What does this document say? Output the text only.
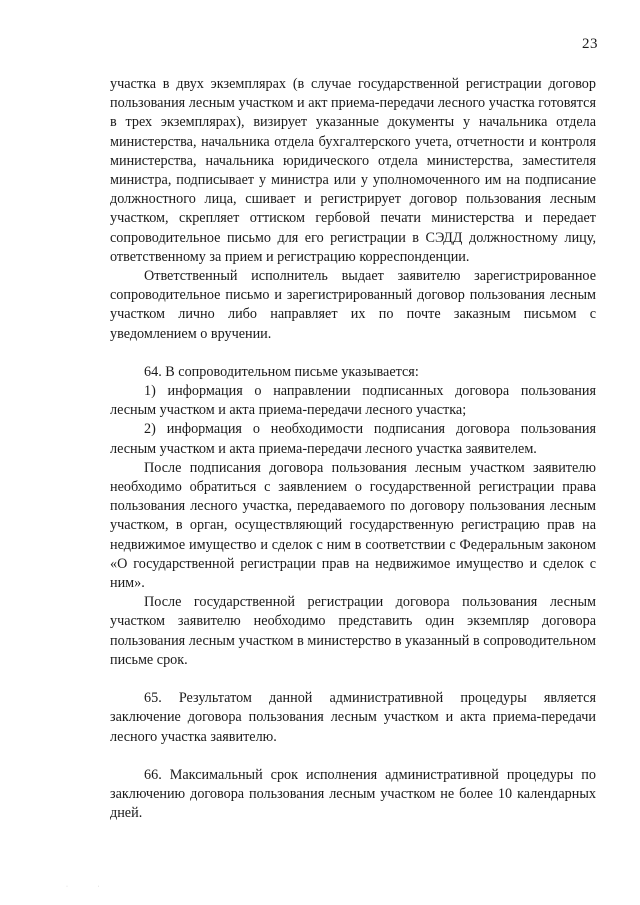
23

участка в двух экземплярах (в случае государственной регистрации договор пользования лесным участком и акт приема-передачи лесного участка готовятся в трех экземплярах), визирует указанные документы у начальника отдела министерства, начальника отдела бухгалтерского учета, отчетности и контроля министерства, начальника юридического отдела министерства, заместителя министра, подписывает у министра или у уполномоченного им на подписание должностного лица, сшивает и регистрирует договор пользования лесным участком, скрепляет оттиском гербовой печати министерства и передает сопроводительное письмо для его регистрации в СЭДД должностному лицу, ответственному за прием и регистрацию корреспонденции.

Ответственный исполнитель выдает заявителю зарегистрированное сопроводительное письмо и зарегистрированный договор пользования лесным участком лично либо направляет их по почте заказным письмом с уведомлением о вручении.

64. В сопроводительном письме указывается:

1) информация о направлении подписанных договора пользования лесным участком и акта приема-передачи лесного участка;

2) информация о необходимости подписания договора пользования лесным участком и акта приема-передачи лесного участка заявителем.

После подписания договора пользования лесным участком заявителю необходимо обратиться с заявлением о государственной регистрации права пользования лесного участка, передаваемого по договору пользования лесным участком, в орган, осуществляющий государственную регистрацию прав на недвижимое имущество и сделок с ним в соответствии с Федеральным законом «О государственной регистрации прав на недвижимое имущество и сделок с ним».

После государственной регистрации договора пользования лесным участком заявителю необходимо представить один экземпляр договора пользования лесным участком в министерство в указанный в сопроводительном письме срок.

65. Результатом данной административной процедуры является заключение договора пользования лесным участком и акта приема-передачи лесного участка заявителю.

66. Максимальный срок исполнения административной процедуры по заключению договора пользования лесным участком не более 10 календарных дней.

· ·
